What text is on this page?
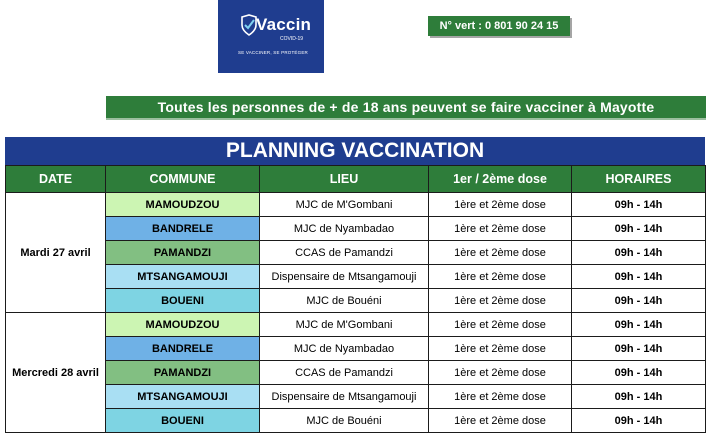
Vaccin
COVID-19
SE VACCINER, SE PROTÉGER
N° vert : 0 801 90 24 15
Toutes les personnes de + de 18 ans peuvent se faire vacciner à Mayotte
PLANNING VACCINATION
DATE	COMMUNE	LIEU	1er / 2ème dose	HORAIRES
Mardi 27 avril	MAMOUDZOU	MJC de M'Gombani	1ère et 2ème dose	09h - 14h
	BANDRELE	MJC de Nyambadao	1ère et 2ème dose	09h - 14h
	PAMANDZI	CCAS de Pamandzi	1ère et 2ème dose	09h - 14h
	MTSANGAMOUJI	Dispensaire de Mtsangamouji	1ère et 2ème dose	09h - 14h
	BOUENI	MJC de Bouéni	1ère et 2ème dose	09h - 14h
Mercredi 28 avril	MAMOUDZOU	MJC de M'Gombani	1ère et 2ème dose	09h - 14h
	BANDRELE	MJC de Nyambadao	1ère et 2ème dose	09h - 14h
	PAMANDZI	CCAS de Pamandzi	1ère et 2ème dose	09h - 14h
	MTSANGAMOUJI	Dispensaire de Mtsangamouji	1ère et 2ème dose	09h - 14h
	BOUENI	MJC de Bouéni	1ère et 2ème dose	09h - 14h
